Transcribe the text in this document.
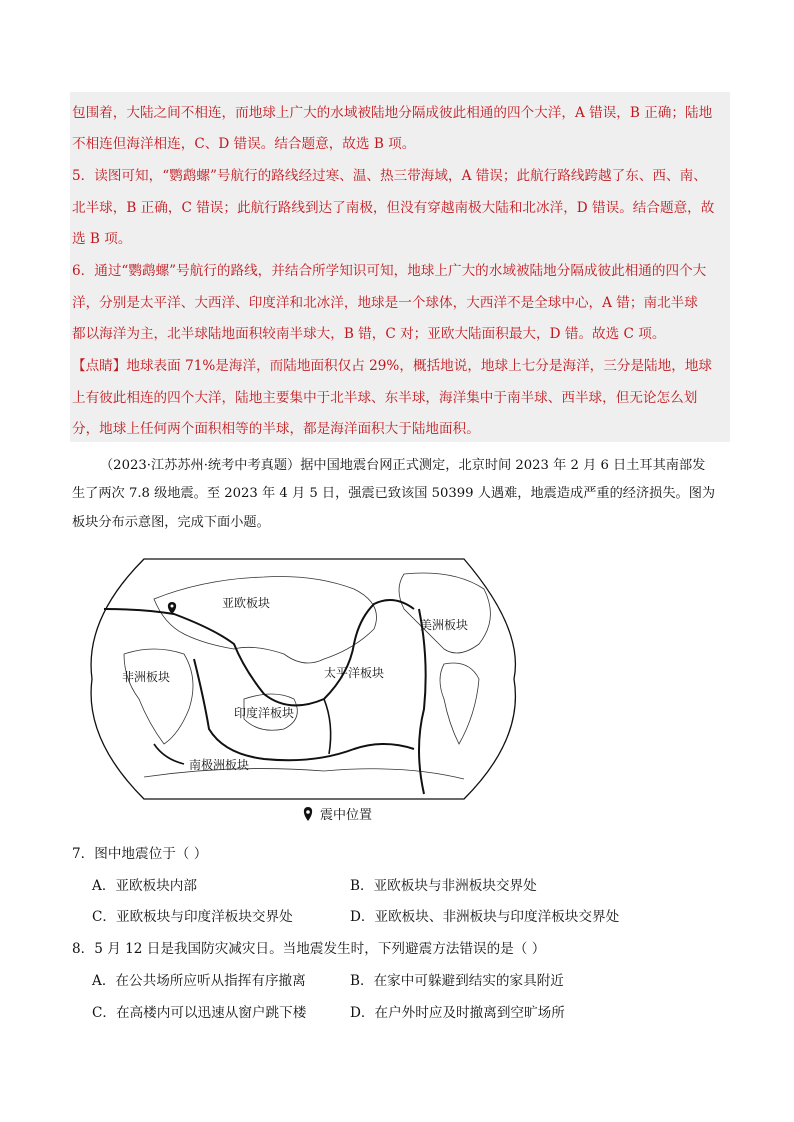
包围着，大陆之间不相连，而地球上广大的水域被陆地分隔成彼此相通的四个大洋，A 错误，B 正确；陆地
不相连但海洋相连，C、D 错误。结合题意，故选 B 项。
5．读图可知，“鹦鹉螺”号航行的路线经过寒、温、热三带海域，A 错误；此航行路线跨越了东、西、南、
北半球，B 正确，C 错误；此航行路线到达了南极，但没有穿越南极大陆和北冰洋，D 错误。结合题意，故
选 B 项。
6．通过“鹦鹉螺”号航行的路线，并结合所学知识可知，地球上广大的水域被陆地分隔成彼此相通的四个大
洋，分别是太平洋、大西洋、印度洋和北冰洋，地球是一个球体，大西洋不是全球中心，A 错；南北半球
都以海洋为主，北半球陆地面积较南半球大，B 错，C 对；亚欧大陆面积最大，D 错。故选 C 项。
【点睛】地球表面 71%是海洋，而陆地面积仅占 29%，概括地说，地球上七分是海洋，三分是陆地，地球
上有彼此相连的四个大洋，陆地主要集中于北半球、东半球，海洋集中于南半球、西半球，但无论怎么划
分，地球上任何两个面积相等的半球，都是海洋面积大于陆地面积。
（2023·江苏苏州·统考中考真题）据中国地震台网正式测定，北京时间 2023 年 2 月 6 日土耳其南部发
生了两次 7.8 级地震。至 2023 年 4 月 5 日，强震已致该国 50399 人遇难，地震造成严重的经济损失。图为
板块分布示意图，完成下面小题。
亚欧板块
美洲板块
非洲板块	太平洋板块
印度洋板块
南极洲板块
震中位置
7．图中地震位于（ ）
A．亚欧板块内部	B．亚欧板块与非洲板块交界处
C．亚欧板块与印度洋板块交界处	D．亚欧板块、非洲板块与印度洋板块交界处
8．5 月 12 日是我国防灾减灾日。当地震发生时，下列避震方法错误的是（ ）
A．在公共场所应听从指挥有序撤离	B．在家中可躲避到结实的家具附近
C．在高楼内可以迅速从窗户跳下楼	D．在户外时应及时撤离到空旷场所
